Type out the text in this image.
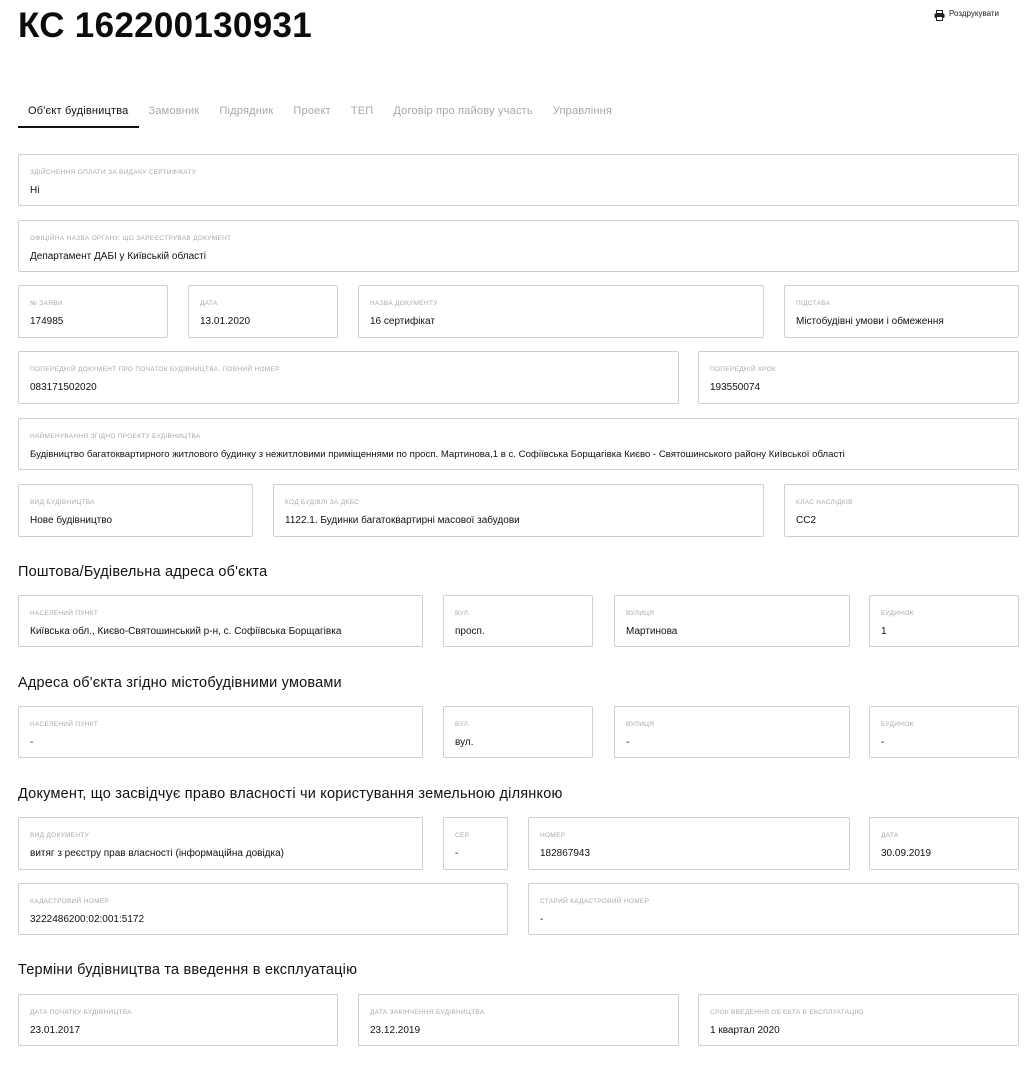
КС 162200130931	Роздрукувати
Об'єкт будівництва	Замовник	Підрядник	Проект	ТЕП	Договір про пайову участь	Управління
ЗДІЙСНЕННЯ ОПЛАТИ ЗА ВИДАЧУ СЕРТИФІКАТУ
Ні
ОФІЦІЙНА НАЗВА ОРГАНУ, ЩО ЗАРЕЄСТРУВАВ ДОКУМЕНТ
Департамент ДАБІ у Київській області
№ ЗАЯВИ
174985
ДАТА
13.01.2020
НАЗВА ДОКУМЕНТУ
16 сертифікат
ПІДСТАВА
Містобудівні умови і обмеження
ПОПЕРЕДНІЙ ДОКУМЕНТ ПРО ПОЧАТОК БУДІВНИЦТВА, ПОВНИЙ НОМЕР
083171502020
ПОПЕРЕДНІЙ КРОК
193550074
НАЙМЕНУВАННЯ ЗГІДНО ПРОЕКТУ БУДІВНИЦТВА
Будівництво багатоквартирного житлового будинку з нежитловими приміщеннями по просп. Мартинова,1 в с. Софіївська Борщагівка Києво - Святошинського району Київської області
ВИД БУДІВНИЦТВА
Нове будівництво
КОД БУДІВЛІ ЗА ДКБС
1122.1. Будинки багатоквартирні масової забудови
КЛАС НАСЛІДКІВ
СС2
Поштова/Будівельна адреса об'єкта
НАСЕЛЕНИЙ ПУНКТ
Київська обл., Києво-Святошинський р-н, с. Софіївська Борщагівка
ВУЛ.
просп.
ВУЛИЦЯ
Мартинова
БУДИНОК
1
Адреса об'єкта згідно містобудівними умовами
НАСЕЛЕНИЙ ПУНКТ
-
ВУЛ.
вул.
ВУЛИЦЯ
-
БУДИНОК
-
Документ, що засвідчує право власності чи користування земельною ділянкою
ВИД ДОКУМЕНТУ
витяг з реєстру прав власності (інформаційна довідка)
СЕР.
-
НОМЕР
182867943
ДАТА
30.09.2019
КАДАСТРОВИЙ НОМЕР
3222486200:02:001:5172
СТАРИЙ КАДАСТРОВИЙ НОМЕР
-
Терміни будівництва та введення в експлуатацію
ДАТА ПОЧАТКУ БУДІВНИЦТВА
23.01.2017
ДАТА ЗАКІНЧЕННЯ БУДІВНИЦТВА
23.12.2019
СРОК ВВЕДЕННЯ ОБ'ЄКТА В ЕКСПЛУАТАЦІЮ
1 квартал 2020
